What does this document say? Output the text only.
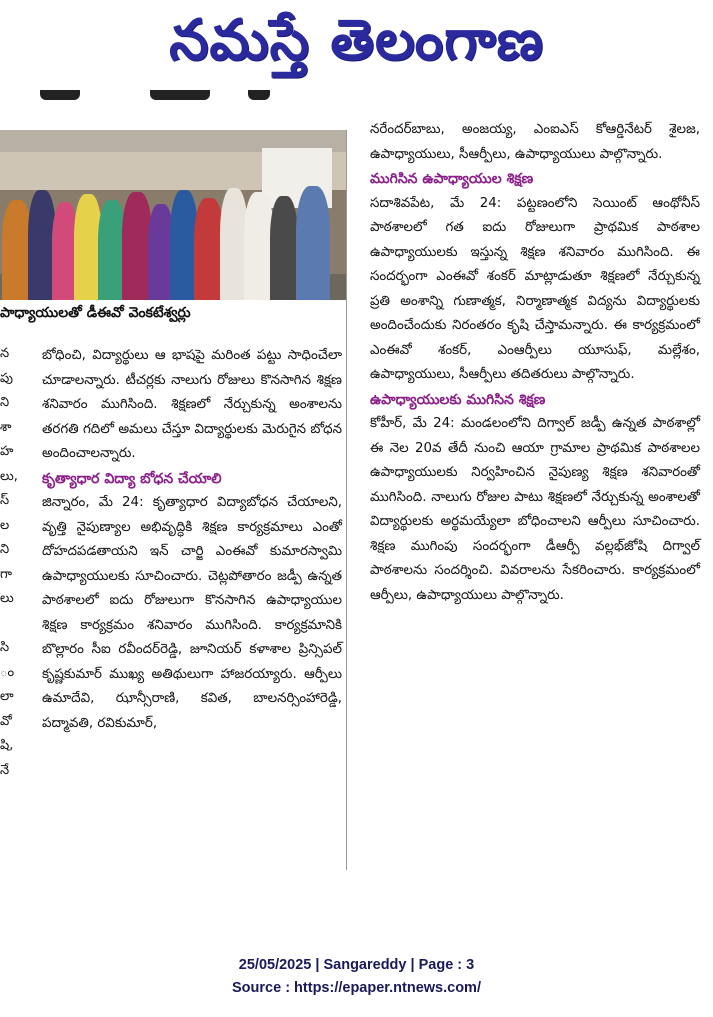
నమస్తే తెలంగాణ
పాధ్యాయులతో డీఈవో వెంకటేశ్వర్లు
న
పు
ని
శా
హ
లు,
స్
ల
ని
గా
లు
సి
ం
లా
వో
షి,
నే

బోధించి, విద్యార్థులు ఆ భాషపై మరింత పట్టు సాధించేలా చూడాలన్నారు. టీచర్లకు నాలుగు రోజులు కొనసాగిన శిక్షణ శనివారం ముగిసింది. శిక్షణలో నేర్చుకున్న అంశాలను తరగతి గదిలో అమలు చేస్తూ విద్యార్థులకు మెరుగైన బోధన అందించాలన్నారు.

కృత్యాధార విద్యా బోధన చేయాలి

జిన్నారం, మే 24: కృత్యాధార విద్యాబోధన చేయాలని, వృత్తి నైపుణ్యాల అభివృద్ధికి శిక్షణ కార్యక్రమాలు ఎంతో దోహదపడతాయని ఇన్ చార్జి ఎంఈవో కుమారస్వామి ఉపాధ్యాయులకు సూచించారు. చెట్లపోతారం జడ్పీ ఉన్నత పాఠశాలలో ఐదు రోజులుగా కొనసాగిన ఉపాధ్యాయుల శిక్షణ కార్యక్రమం శనివారం ముగిసింది. కార్యక్రమానికి బొల్లారం సీఐ రవీందర్‌రెడ్డి, జూనియర్ కళాశాల ప్రిన్సిపల్ కృష్ణకుమార్ ముఖ్య అతిథులుగా హాజరయ్యారు. ఆర్పీలు ఉమాదేవి, ఝాన్సీరాణి, కవిత, బాలనర్సింహారెడ్డి, పద్మావతి, రవికుమార్,

నరేందర్‌బాబు, అంజయ్య, ఎంఐఎస్ కోఆర్డినేటర్ శైలజ, ఉపాధ్యాయులు, సీఆర్పీలు, ఉపాధ్యాయులు పాల్గొన్నారు.

ముగిసిన ఉపాధ్యాయుల శిక్షణ

సదాశివపేట, మే 24: పట్టణంలోని సెయింట్ ఆంథోనీస్ పాఠశాలలో గత ఐదు రోజులుగా ప్రాథమిక పాఠశాల ఉపాధ్యాయులకు ఇస్తున్న శిక్షణ శనివారం ముగిసింది. ఈ సందర్భంగా ఎంఈవో శంకర్ మాట్లాడుతూ శిక్షణలో నేర్చుకున్న ప్రతి అంశాన్ని గుణాత్మక, నిర్మాణాత్మక విద్యను విద్యార్థులకు అందించేందుకు నిరంతరం కృషి చేస్తామన్నారు. ఈ కార్యక్రమంలో ఎంఈవో శంకర్, ఎంఆర్పీలు యూసుఫ్, మల్లేశం, ఉపాధ్యాయులు, సీఆర్పీలు తదితరులు పాల్గొన్నారు.

ఉపాధ్యాయులకు ముగిసిన శిక్షణ

కోహీర్, మే 24: మండలంలోని దిగ్వాల్ జడ్పీ ఉన్నత పాఠశాల్లో ఈ నెల 20వ తేదీ నుంచి ఆయా గ్రామాల ప్రాథమిక పాఠశాలల ఉపాధ్యాయులకు నిర్వహించిన నైపుణ్య శిక్షణ శనివారంతో ముగిసింది. నాలుగు రోజుల పాటు శిక్షణలో నేర్చుకున్న అంశాలతో విద్యార్థులకు అర్థమయ్యేలా బోధించాలని ఆర్పీలు సూచించారు. శిక్షణ ముగింపు సందర్భంగా డీఆర్పీ వల్లభ్‌జోషి దిగ్వాల్ పాఠశాలను సందర్శించి. వివరాలను సేకరించారు. కార్యక్రమంలో ఆర్పీలు, ఉపాధ్యాయులు పాల్గొన్నారు.

25/05/2025 | Sangareddy | Page : 3
Source : https://epaper.ntnews.com/
